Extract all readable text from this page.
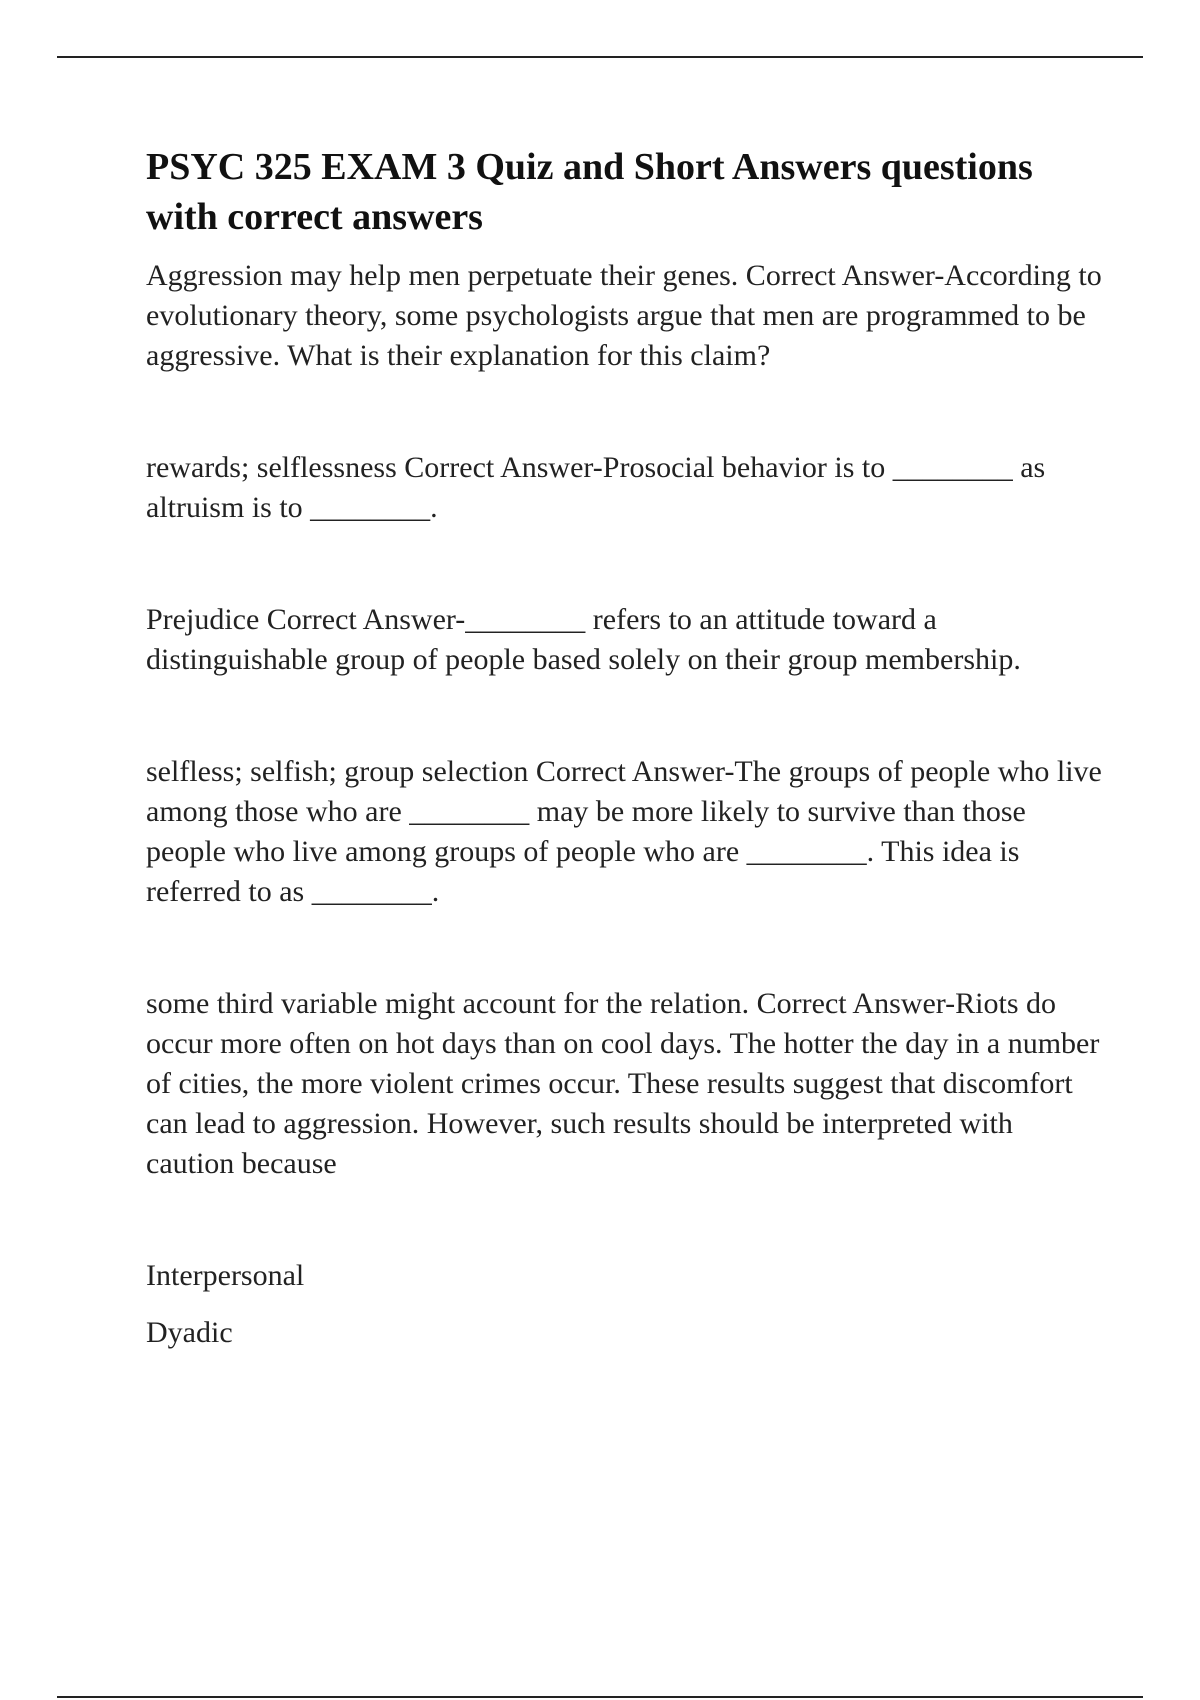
PSYC 325 EXAM 3 Quiz and Short Answers questions with correct answers

Aggression may help men perpetuate their genes. Correct Answer-According to evolutionary theory, some psychologists argue that men are programmed to be aggressive. What is their explanation for this claim?

rewards; selflessness Correct Answer-Prosocial behavior is to ________ as altruism is to ________.

Prejudice Correct Answer-________ refers to an attitude toward a distinguishable group of people based solely on their group membership.

selfless; selfish; group selection Correct Answer-The groups of people who live among those who are ________ may be more likely to survive than those people who live among groups of people who are ________. This idea is referred to as ________.

some third variable might account for the relation. Correct Answer-Riots do occur more often on hot days than on cool days. The hotter the day in a number of cities, the more violent crimes occur. These results suggest that discomfort can lead to aggression. However, such results should be interpreted with caution because

Interpersonal

Dyadic
